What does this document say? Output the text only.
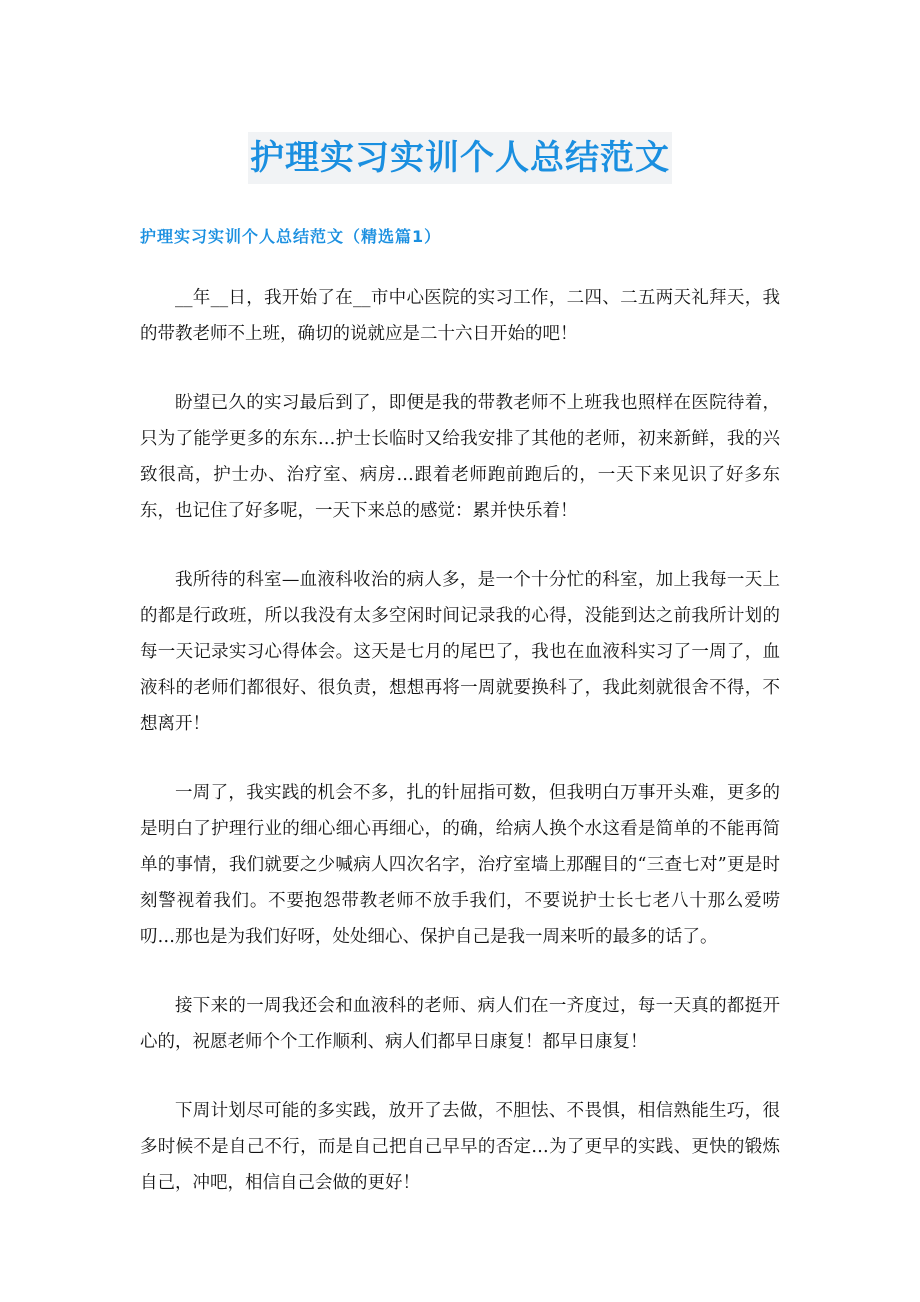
护理实习实训个人总结范文
护理实习实训个人总结范文（精选篇1）

__年__日，我开始了在__市中心医院的实习工作，二四、二五两天礼拜天，我的带教老师不上班，确切的说就应是二十六日开始的吧！

盼望已久的实习最后到了，即便是我的带教老师不上班我也照样在医院待着，只为了能学更多的东东…护士长临时又给我安排了其他的老师，初来新鲜，我的兴致很高，护士办、治疗室、病房…跟着老师跑前跑后的，一天下来见识了好多东东，也记住了好多呢，一天下来总的感觉：累并快乐着！

我所待的科室—血液科收治的病人多，是一个十分忙的科室，加上我每一天上的都是行政班，所以我没有太多空闲时间记录我的心得，没能到达之前我所计划的每一天记录实习心得体会。这天是七月的尾巴了，我也在血液科实习了一周了，血液科的老师们都很好、很负责，想想再将一周就要换科了，我此刻就很舍不得，不想离开！

一周了，我实践的机会不多，扎的针屈指可数，但我明白万事开头难，更多的是明白了护理行业的细心细心再细心，的确，给病人换个水这看是简单的不能再简单的事情，我们就要之少喊病人四次名字，治疗室墙上那醒目的“三查七对”更是时刻警视着我们。不要抱怨带教老师不放手我们，不要说护士长七老八十那么爱唠叨…那也是为我们好呀，处处细心、保护自己是我一周来听的最多的话了。

接下来的一周我还会和血液科的老师、病人们在一齐度过，每一天真的都挺开心的，祝愿老师个个工作顺利、病人们都早日康复！都早日康复！

下周计划尽可能的多实践，放开了去做，不胆怯、不畏惧，相信熟能生巧，很多时候不是自己不行，而是自己把自己早早的否定…为了更早的实践、更快的锻炼自己，冲吧，相信自己会做的更好！
